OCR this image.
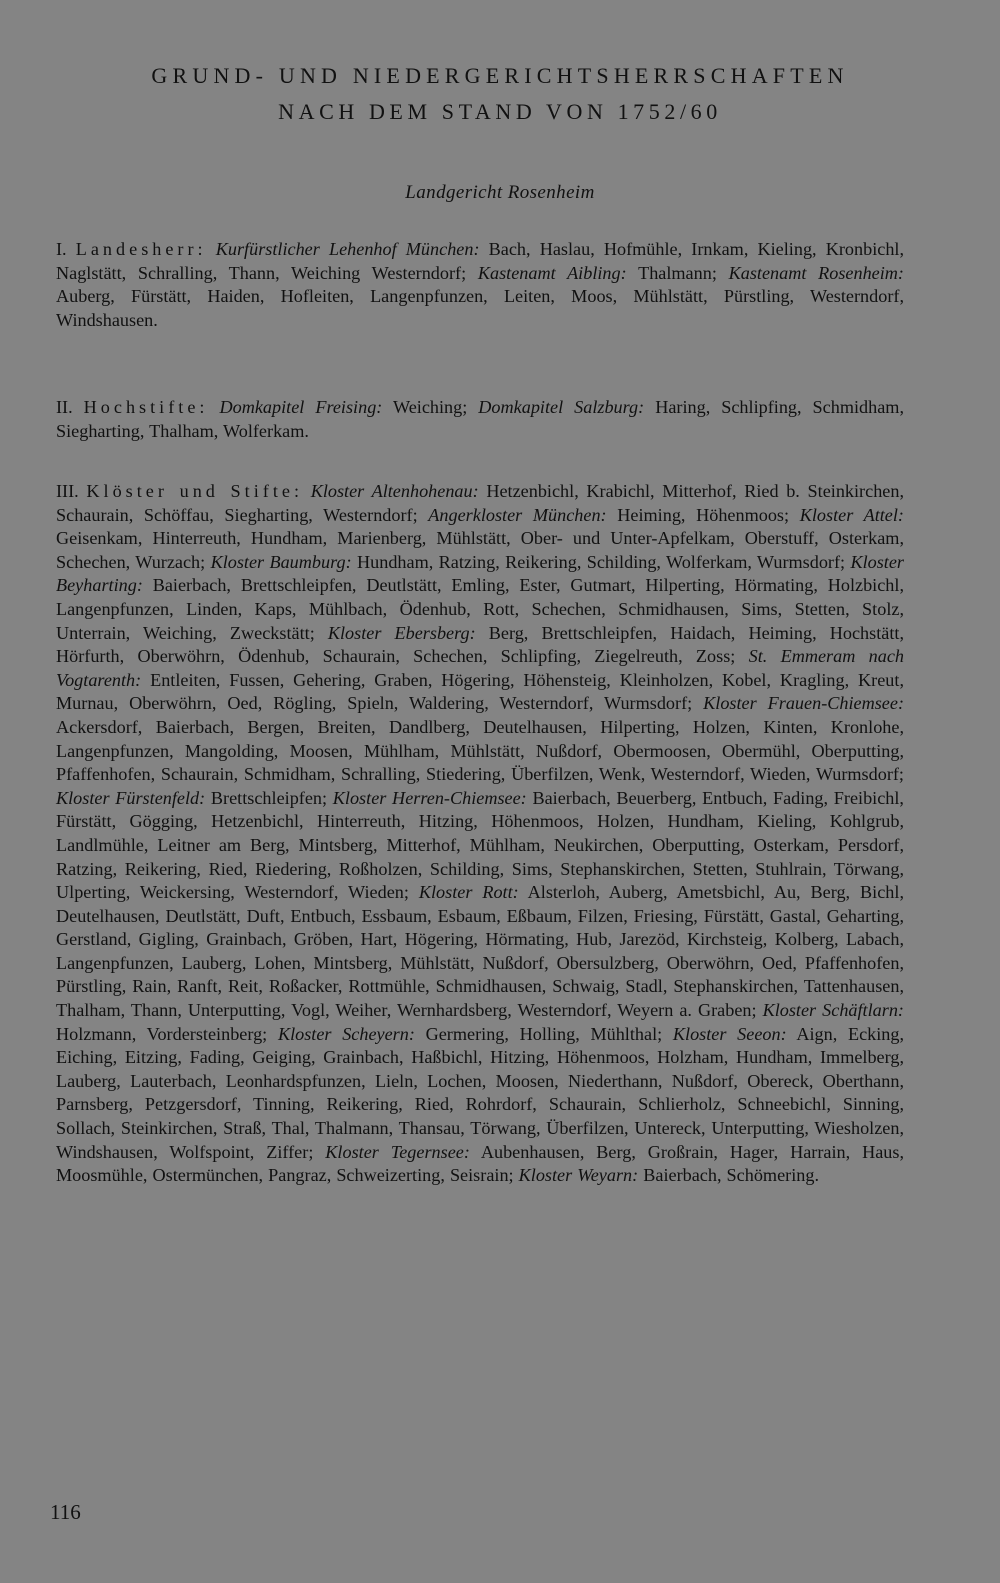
GRUND- UND NIEDERGERICHTSHERRSCHAFTEN
NACH DEM STAND VON 1752/60
Landgericht Rosenheim
I. Landesherr: Kurfürstlicher Lehenhof München: Bach, Haslau, Hofmühle, Irnkam, Kieling, Kronbichl, Naglstätt, Schralling, Thann, Weiching Westerndorf; Kastenamt Aibling: Thalmann; Kastenamt Rosenheim: Auberg, Fürstätt, Haiden, Hofleiten, Langenpfunzen, Leiten, Moos, Mühlstätt, Pürstling, Westerndorf, Windshausen.
II. Hochstifte: Domkapitel Freising: Weiching; Domkapitel Salzburg: Haring, Schlipfing, Schmidham, Siegharting, Thalham, Wolferkam.
III. Klöster und Stifte: Kloster Altenhohenau: Hetzenbichl, Krabichl, Mitterhof, Ried b. Steinkirchen, Schaurain, Schöffau, Siegharting, Westerndorf; Angerkloster München: Heiming, Höhenmoos; Kloster Attel: Geisenkam, Hinterreuth, Hundham, Marienberg, Mühlstätt, Ober- und Unter-Apfelkam, Oberstuff, Osterkam, Schechen, Wurzach; Kloster Baumburg: Hundham, Ratzing, Reikering, Schilding, Wolferkam, Wurmsdorf; Kloster Beyharting: Baierbach, Brettschleipfen, Deutlstätt, Emling, Ester, Gutmart, Hilperting, Hörmating, Holzbichl, Langenpfunzen, Linden, Kaps, Mühlbach, Ödenhub, Rott, Schechen, Schmidhausen, Sims, Stetten, Stolz, Unterrain, Weiching, Zweckstätt; Kloster Ebersberg: Berg, Brettschleipfen, Haidach, Heiming, Hochstätt, Hörfurth, Oberwöhrn, Ödenhub, Schaurain, Schechen, Schlipfing, Ziegelreuth, Zoss; St. Emmeram nach Vogtarenth: Entleiten, Fussen, Gehering, Graben, Högering, Höhensteig, Kleinholzen, Kobel, Kragling, Kreut, Murnau, Oberwöhrn, Oed, Rögling, Spieln, Waldering, Westerndorf, Wurmsdorf; Kloster Frauen-Chiemsee: Ackersdorf, Baierbach, Bergen, Breiten, Dandlberg, Deutelhausen, Hilperting, Holzen, Kinten, Kronlohe, Langenpfunzen, Mangolding, Moosen, Mühlham, Mühlstätt, Nußdorf, Obermoosen, Obermühl, Oberputting, Pfaffenhofen, Schaurain, Schmidham, Schralling, Stiedering, Überfilzen, Wenk, Westerndorf, Wieden, Wurmsdorf; Kloster Fürstenfeld: Brettschleipfen; Kloster Herren-Chiemsee: Baierbach, Beuerberg, Entbuch, Fading, Freibichl, Fürstätt, Gögging, Hetzenbichl, Hinterreuth, Hitzing, Höhenmoos, Holzen, Hundham, Kieling, Kohlgrub, Landlmühle, Leitner am Berg, Mintsberg, Mitterhof, Mühlham, Neukirchen, Oberputting, Osterkam, Persdorf, Ratzing, Reikering, Ried, Riedering, Roßholzen, Schilding, Sims, Stephanskirchen, Stetten, Stuhlrain, Törwang, Ulperting, Weickersing, Westerndorf, Wieden; Kloster Rott: Alsterloh, Auberg, Ametsbichl, Au, Berg, Bichl, Deutelhausen, Deutlstätt, Duft, Entbuch, Essbaum, Esbaum, Eßbaum, Filzen, Friesing, Fürstätt, Gastal, Geharting, Gerstland, Gigling, Grainbach, Gröben, Hart, Högering, Hörmating, Hub, Jarezöd, Kirchsteig, Kolberg, Labach, Langenpfunzen, Lauberg, Lohen, Mintsberg, Mühlstätt, Nußdorf, Obersulzberg, Oberwöhrn, Oed, Pfaffenhofen, Pürstling, Rain, Ranft, Reit, Roßacker, Rottmühle, Schmidhausen, Schwaig, Stadl, Stephanskirchen, Tattenhausen, Thalham, Thann, Unterputting, Vogl, Weiher, Wernhardsberg, Westerndorf, Weyern a. Graben; Kloster Schäftlarn: Holzmann, Vordersteinberg; Kloster Scheyern: Germering, Holling, Mühlthal; Kloster Seeon: Aign, Ecking, Eiching, Eitzing, Fading, Geiging, Grainbach, Haßbichl, Hitzing, Höhenmoos, Holzham, Hundham, Immelberg, Lauberg, Lauterbach, Leonhardspfunzen, Lieln, Lochen, Moosen, Niederthann, Nußdorf, Obereck, Oberthann, Parnsberg, Petzgersdorf, Tinning, Reikering, Ried, Rohrdorf, Schaurain, Schlierholz, Schneebichl, Sinning, Sollach, Steinkirchen, Straß, Thal, Thalmann, Thansau, Törwang, Überfilzen, Untereck, Unterputting, Wiesholzen, Windshausen, Wolfspoint, Ziffer; Kloster Tegernsee: Aubenhausen, Berg, Großrain, Hager, Harrain, Haus, Moosmühle, Ostermünchen, Pangraz, Schweizerting, Seisrain; Kloster Weyarn: Baierbach, Schömering.
116
